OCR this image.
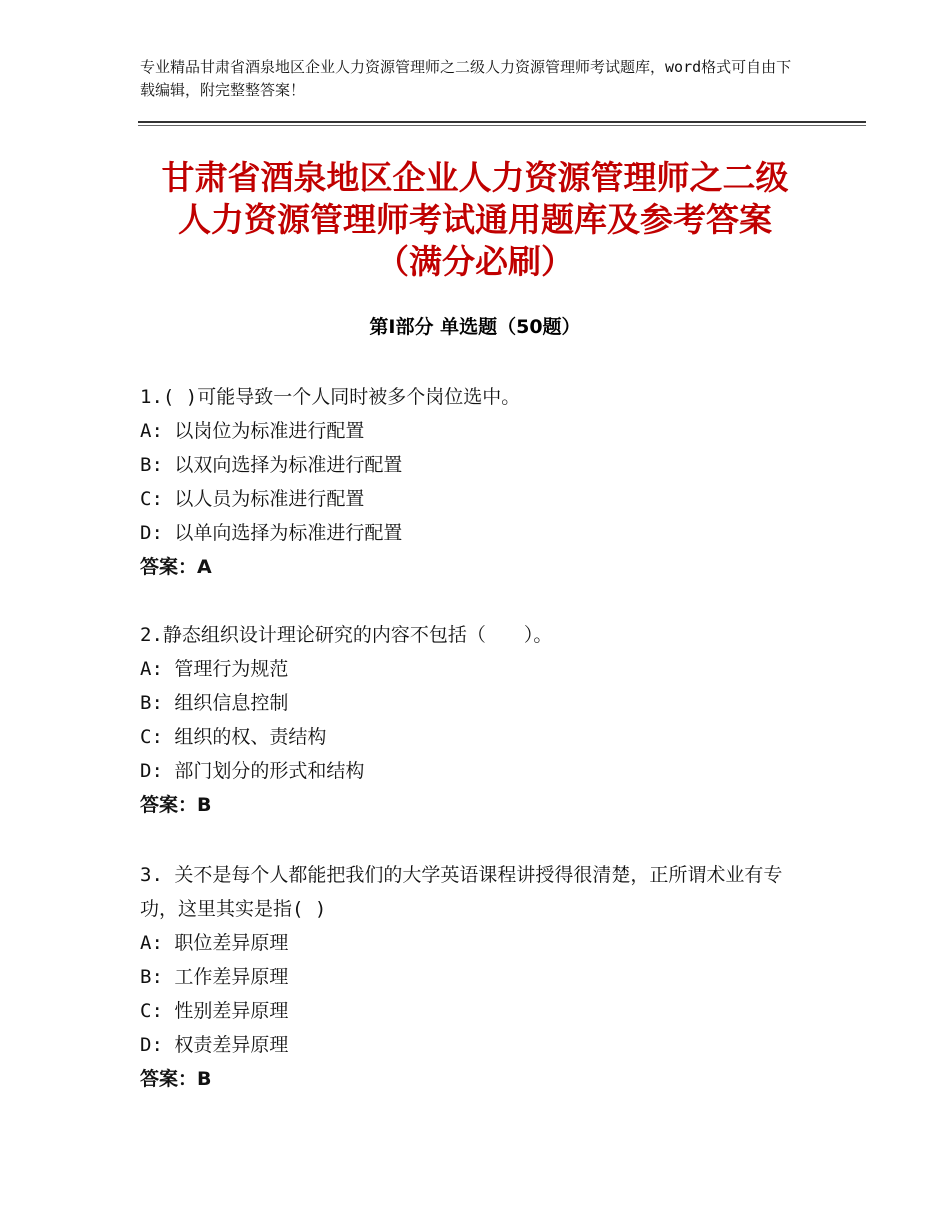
专业精品甘肃省酒泉地区企业人力资源管理师之二级人力资源管理师考试题库，word格式可自由下载编辑，附完整整答案！
甘肃省酒泉地区企业人力资源管理师之二级
人力资源管理师考试通用题库及参考答案
（满分必刷）
第Ⅰ部分 单选题（50题）
1.( )可能导致一个人同时被多个岗位选中。
A: 以岗位为标准进行配置
B: 以双向选择为标准进行配置
C: 以人员为标准进行配置
D: 以单向选择为标准进行配置
答案：A
2.静态组织设计理论研究的内容不包括（　　）。
A: 管理行为规范
B: 组织信息控制
C: 组织的权、责结构
D: 部门划分的形式和结构
答案：B
3. 关不是每个人都能把我们的大学英语课程讲授得很清楚，正所谓术业有专功，这里其实是指( )
A: 职位差异原理
B: 工作差异原理
C: 性别差异原理
D: 权责差异原理
答案：B
